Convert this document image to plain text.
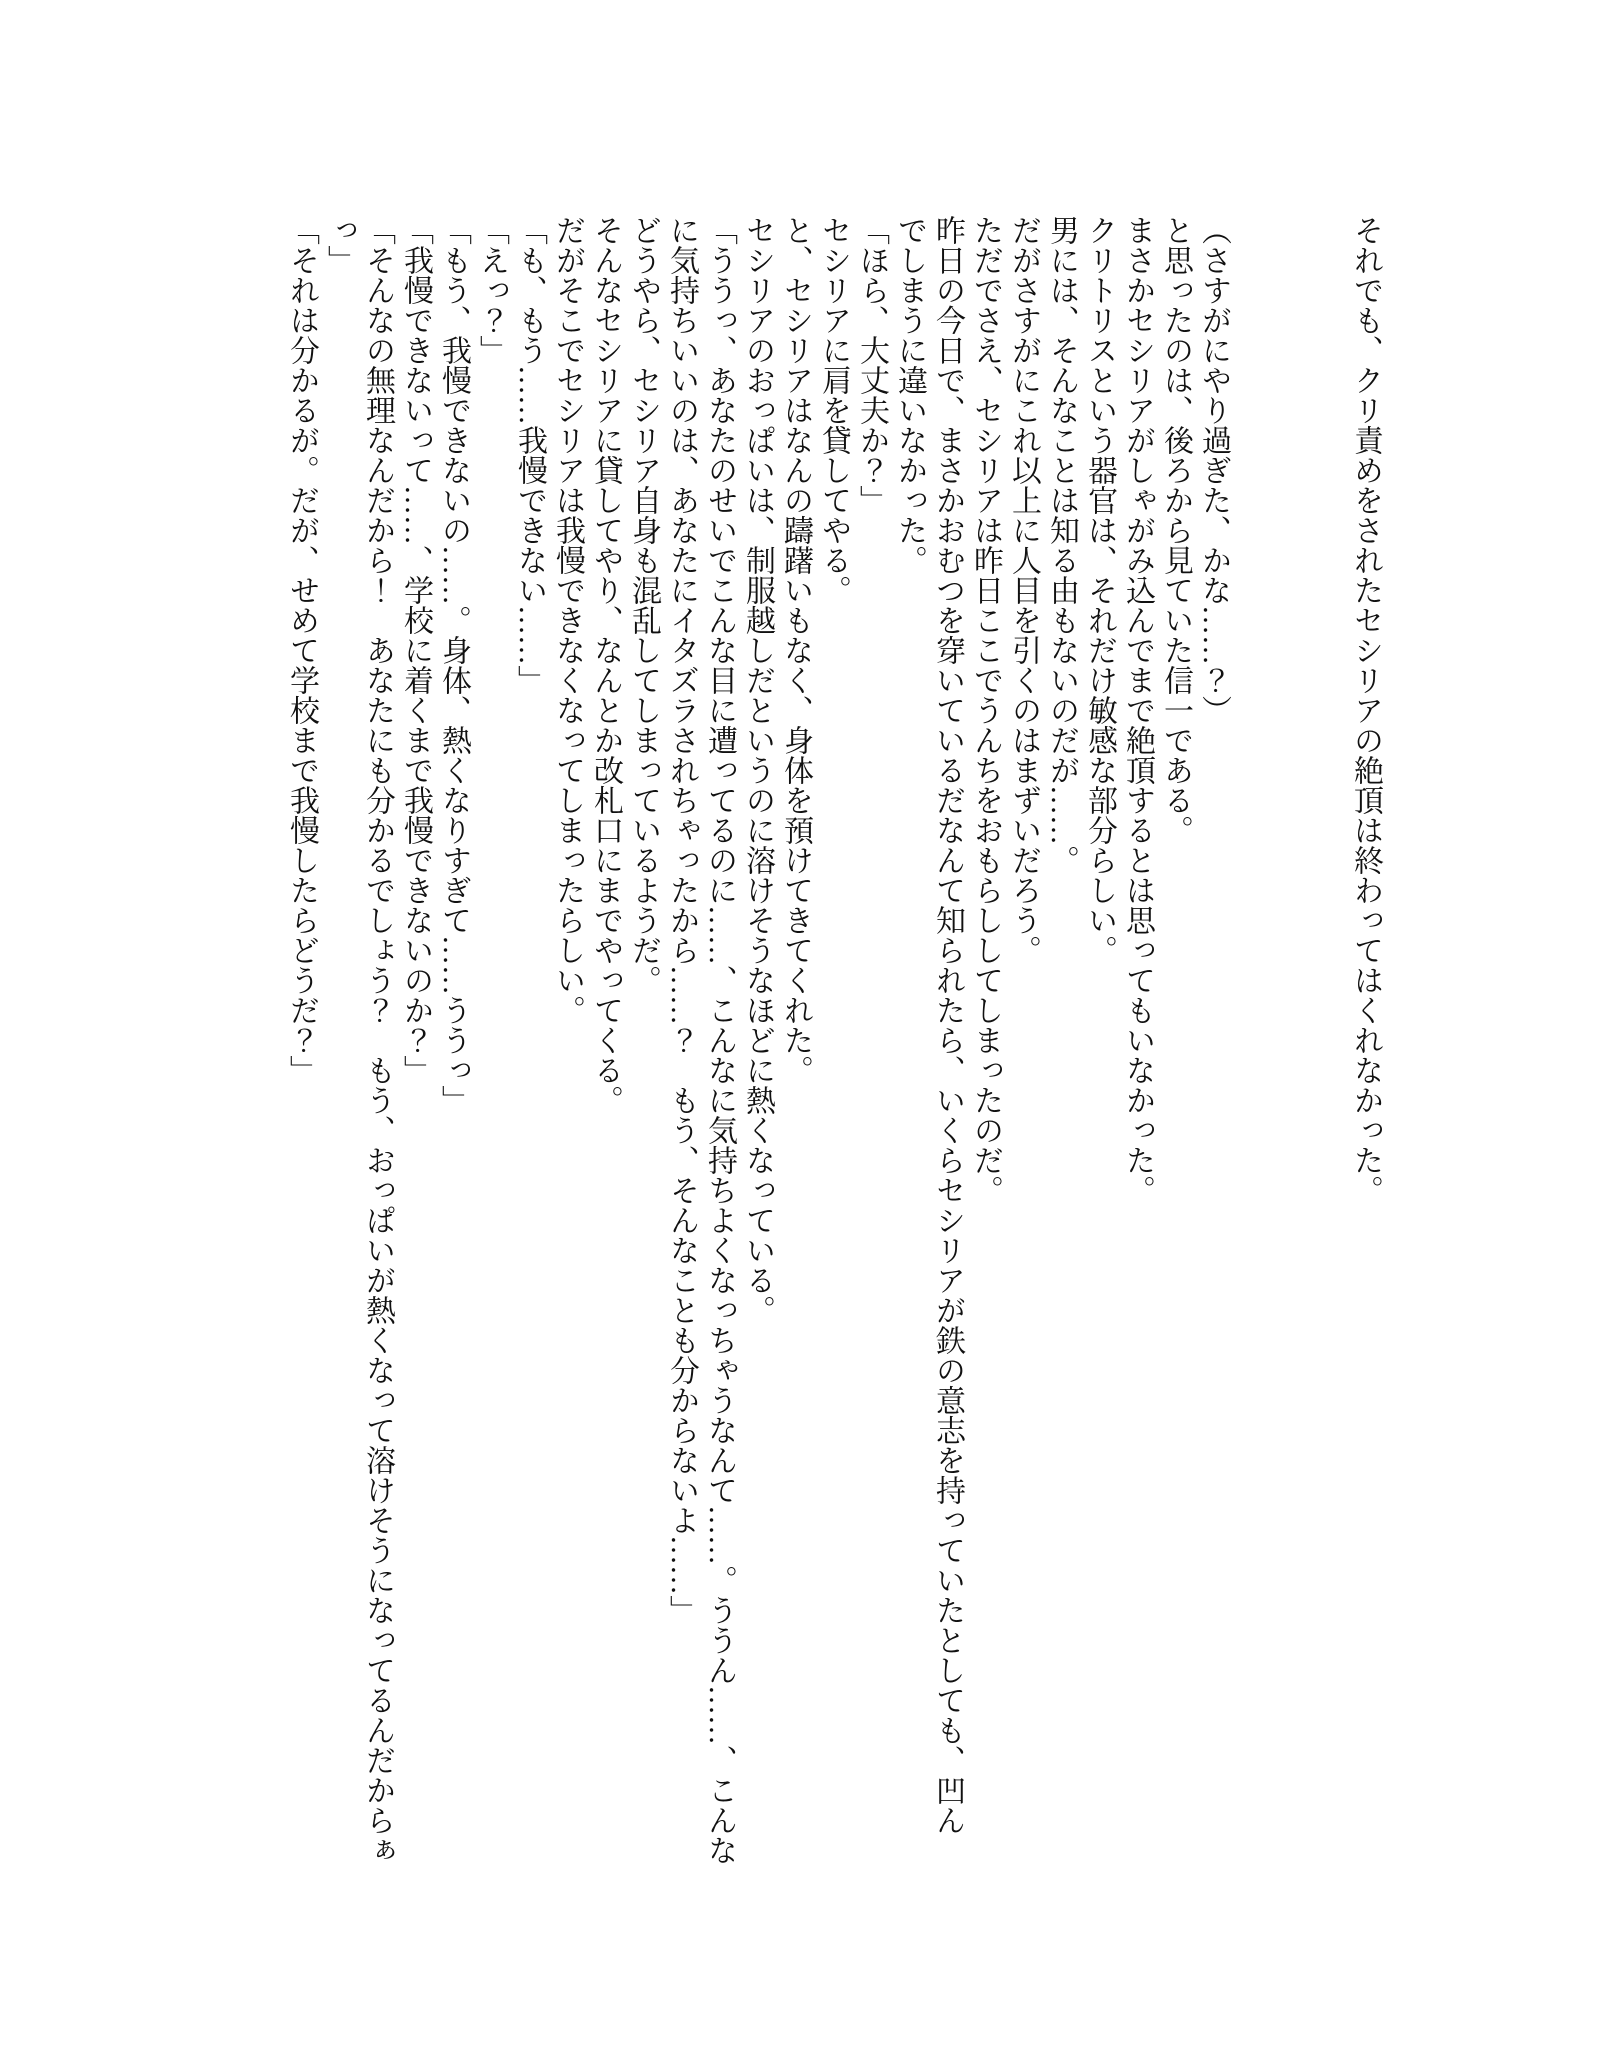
それでも、クリ責めをされたセシリアの絶頂は終わってはくれなかった。

（さすがにやり過ぎた、かな……？）
と思ったのは、後ろから見ていた信一である。
まさかセシリアがしゃがみ込んでまで絶頂するとは思ってもいなかった。
クリトリスという器官は、それだけ敏感な部分らしい。
男には、そんなことは知る由もないのだが……。
だがさすがにこれ以上に人目を引くのはまずいだろう。
ただでさえ、セシリアは昨日ここでうんちをおもらししてしまったのだ。
昨日の今日で、まさかおむつを穿いているだなんて知られたら、いくらセシリアが鉄の意志を持っていたとしても、凹ん
でしまうに違いなかった。
「ほら、大丈夫か？」
セシリアに肩を貸してやる。
と、セシリアはなんの躊躇いもなく、身体を預けてきてくれた。
セシリアのおっぱいは、制服越しだというのに溶けそうなほどに熱くなっている。
「ううっ、あなたのせいでこんな目に遭ってるのに……、こんなに気持ちよくなっちゃうなんて……。ううん……、こんな
に気持ちいいのは、あなたにイタズラされちゃったから……？　もう、そんなことも分からないよ……」
どうやら、セシリア自身も混乱してしまっているようだ。
そんなセシリアに貸してやり、なんとか改札口にまでやってくる。
だがそこでセシリアは我慢できなくなってしまったらしい。
「も、もう……我慢できない……」
「えっ？」
「もう、我慢できないの……。身体、熱くなりすぎて……ううっ」
「我慢できないって……、学校に着くまで我慢できないのか？」
「そんなの無理なんだから！　あなたにも分かるでしょう？　もう、おっぱいが熱くなって溶けそうになってるんだからぁ
っ」
「それは分かるが。だが、せめて学校まで我慢したらどうだ？」
